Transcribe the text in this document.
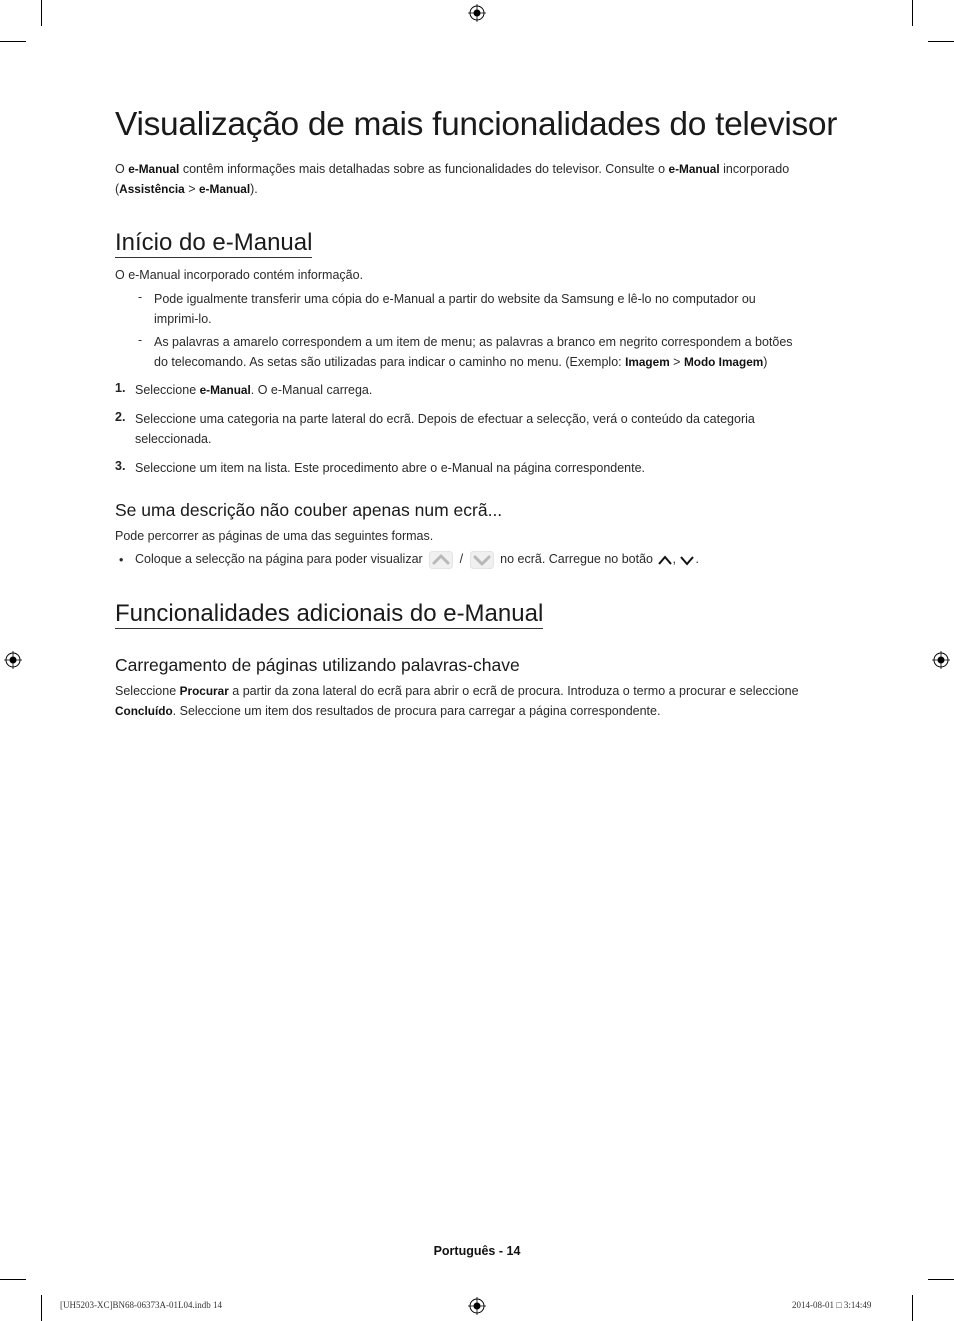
Visualização de mais funcionalidades do televisor
O e-Manual contêm informações mais detalhadas sobre as funcionalidades do televisor. Consulte o e-Manual incorporado
(Assistência > e-Manual).
Início do e-Manual
O e-Manual incorporado contém informação.
- Pode igualmente transferir uma cópia do e-Manual a partir do website da Samsung e lê-lo no computador ou
imprimi-lo.
- As palavras a amarelo correspondem a um item de menu; as palavras a branco em negrito correspondem a botões
do telecomando. As setas são utilizadas para indicar o caminho no menu. (Exemplo: Imagem > Modo Imagem)
1. Seleccione e-Manual. O e-Manual carrega.
2. Seleccione uma categoria na parte lateral do ecrã. Depois de efectuar a selecção, verá o conteúdo da categoria
seleccionada.
3. Seleccione um item na lista. Este procedimento abre o e-Manual na página correspondente.
Se uma descrição não couber apenas num ecrã...
Pode percorrer as páginas de uma das seguintes formas.
• Coloque a selecção na página para poder visualizar	/	no ecrã. Carregue no botão , .
Funcionalidades adicionais do e-Manual
Carregamento de páginas utilizando palavras-chave
Seleccione Procurar a partir da zona lateral do ecrã para abrir o ecrã de procura. Introduza o termo a procurar e seleccione
Concluído. Seleccione um item dos resultados de procura para carregar a página correspondente.
Português - 14
[UH5203-XC]BN68-06373A-01L04.indb 14	2014-08-01 □ 3:14:49
